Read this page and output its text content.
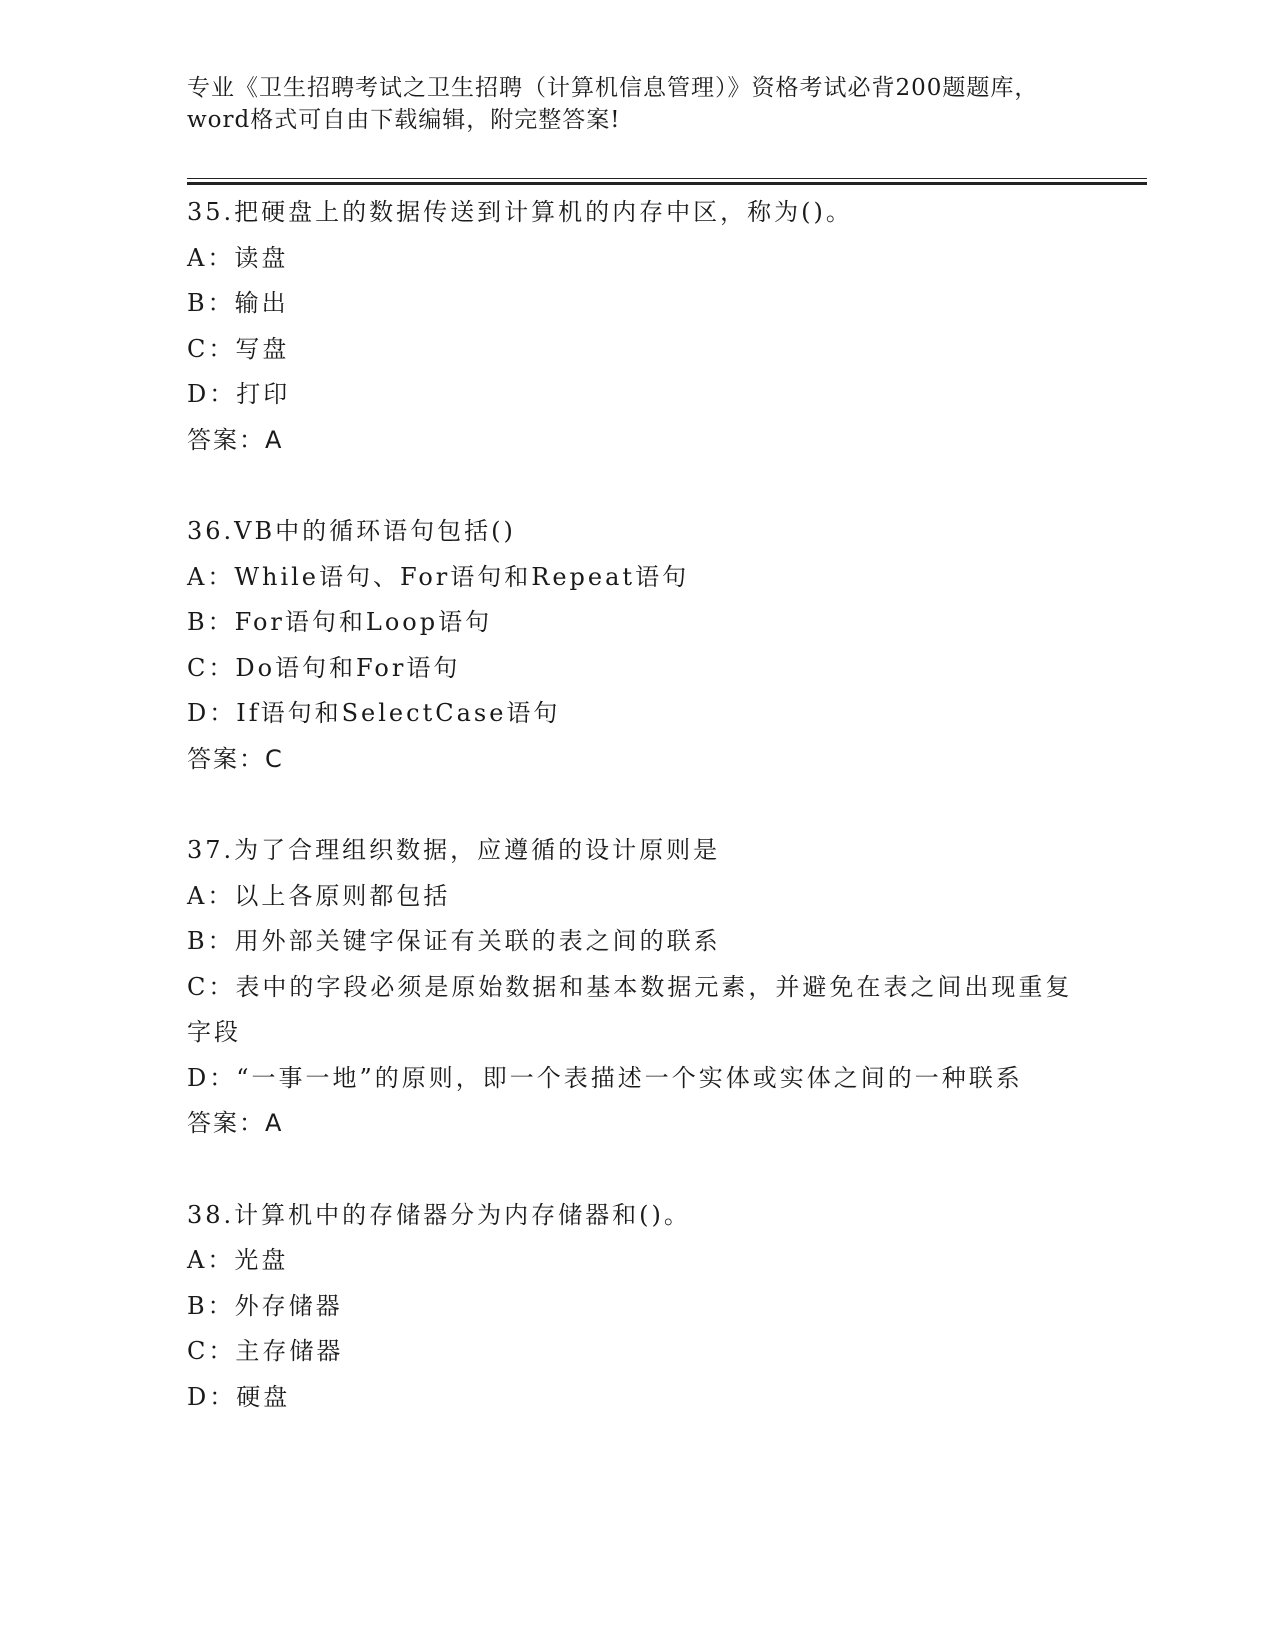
专业《卫生招聘考试之卫生招聘（计算机信息管理）》资格考试必背200题题库，
word格式可自由下载编辑，附完整答案!
35.把硬盘上的数据传送到计算机的内存中区，称为()。
A：读盘
B：输出
C：写盘
D：打印
答案：A
36.VB中的循环语句包括()
A：While语句、For语句和Repeat语句
B：For语句和Loop语句
C：Do语句和For语句
D：If语句和SelectCase语句
答案：C
37.为了合理组织数据，应遵循的设计原则是
A：以上各原则都包括
B：用外部关键字保证有关联的表之间的联系
C：表中的字段必须是原始数据和基本数据元素，并避免在表之间出现重复字段
D：“一事一地”的原则，即一个表描述一个实体或实体之间的一种联系
答案：A
38.计算机中的存储器分为内存储器和()。
A：光盘
B：外存储器
C：主存储器
D：硬盘
